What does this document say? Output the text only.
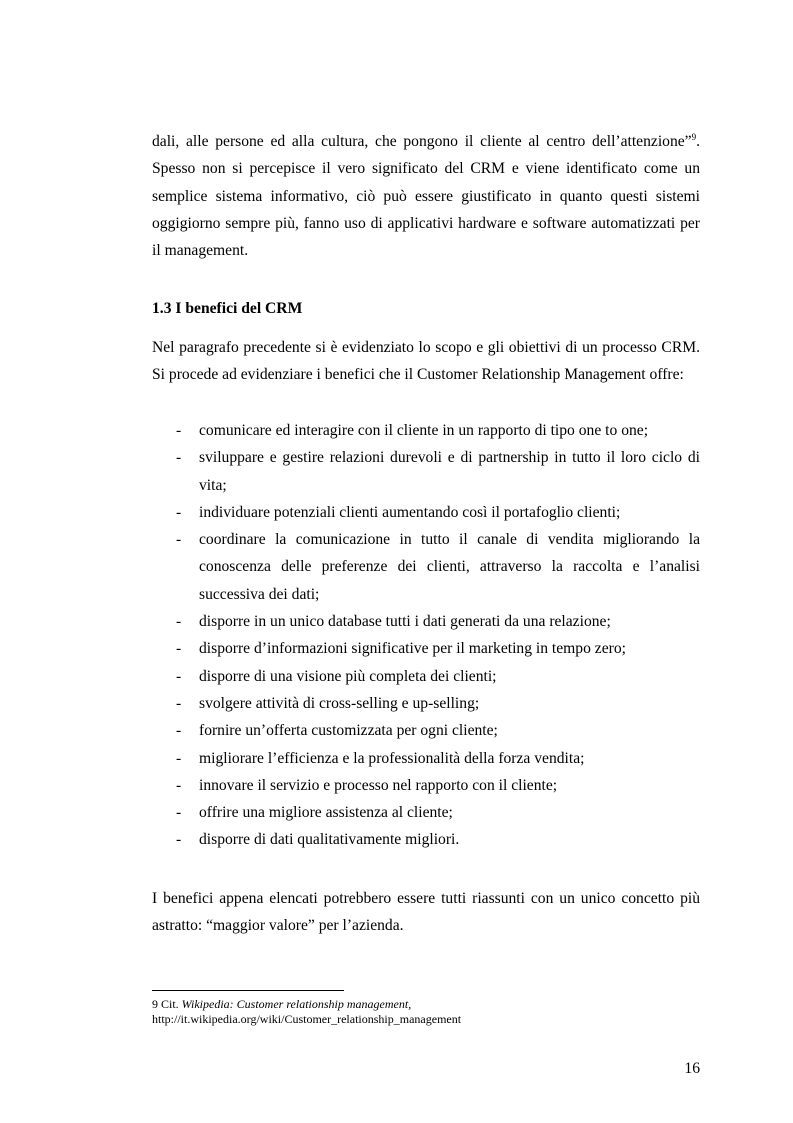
dali, alle persone ed alla cultura, che pongono il cliente al centro dell’attenzione”$^9$. Spesso non si percepisce il vero significato del CRM e viene identificato come un semplice sistema informativo, ciò può essere giustificato in quanto questi sistemi oggigiorno sempre più, fanno uso di applicativi hardware e software automatizzati per il management.

1.3 I benefici del CRM

Nel paragrafo precedente si è evidenziato lo scopo e gli obiettivi di un processo CRM. Si procede ad evidenziare i benefici che il Customer Relationship Management offre:

- comunicare ed interagire con il cliente in un rapporto di tipo one to one;
- sviluppare e gestire relazioni durevoli e di partnership in tutto il loro ciclo di vita;
- individuare potenziali clienti aumentando così il portafoglio clienti;
- coordinare la comunicazione in tutto il canale di vendita migliorando la conoscenza delle preferenze dei clienti, attraverso la raccolta e l’analisi successiva dei dati;
- disporre in un unico database tutti i dati generati da una relazione;
- disporre d’informazioni significative per il marketing in tempo zero;
- disporre di una visione più completa dei clienti;
- svolgere attività di cross-selling e up-selling;
- fornire un’offerta customizzata per ogni cliente;
- migliorare l’efficienza e la professionalità della forza vendita;
- innovare il servizio e processo nel rapporto con il cliente;
- offrire una migliore assistenza al cliente;
- disporre di dati qualitativamente migliori.

I benefici appena elencati potrebbero essere tutti riassunti con un unico concetto più astratto: “maggior valore” per l’azienda.

9 Cit. Wikipedia: Customer relationship management,
http://it.wikipedia.org/wiki/Customer_relationship_management

16
